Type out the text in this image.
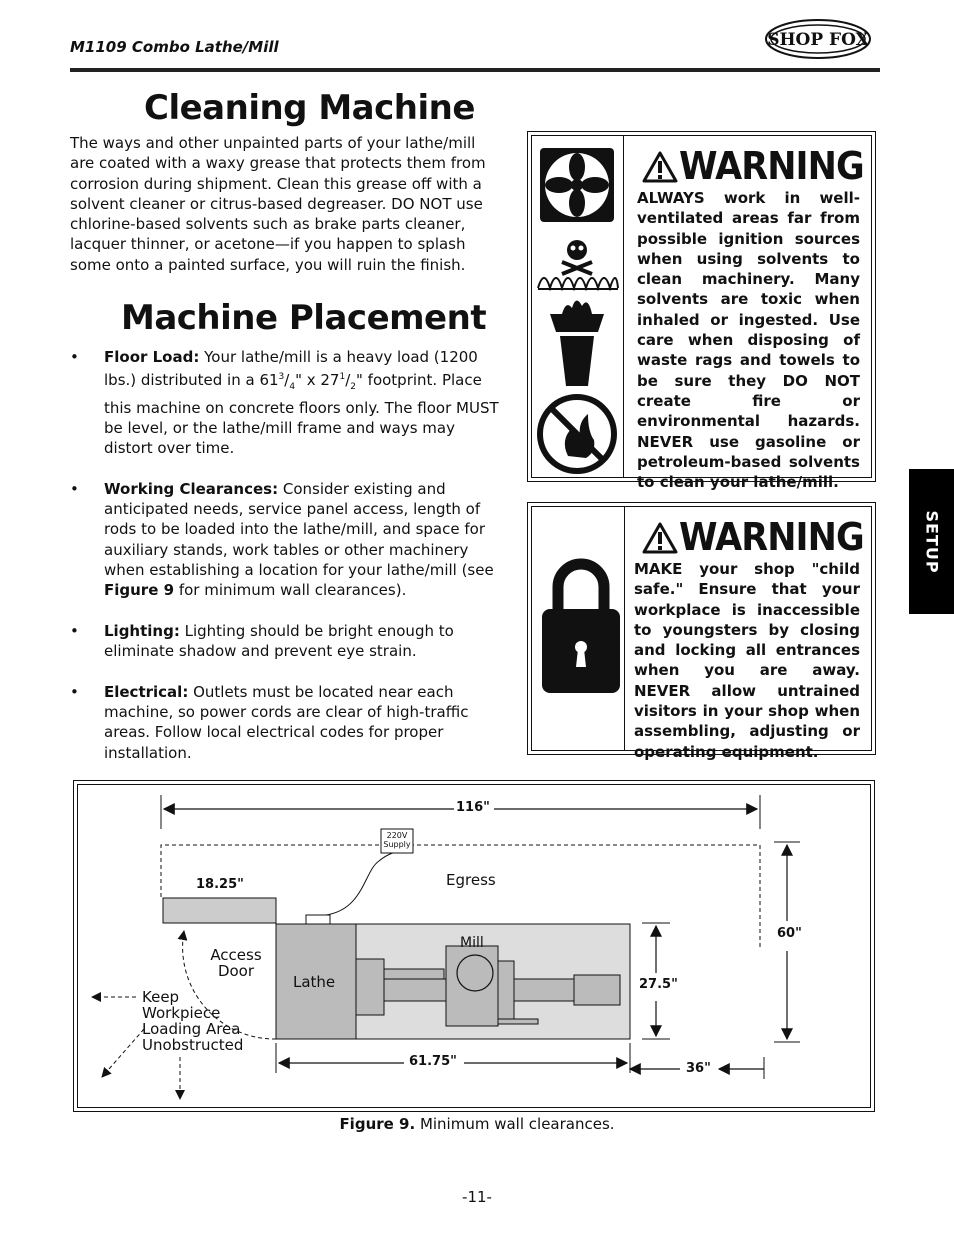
M1109 Combo Lathe/Mill	SHOP FOX
Cleaning Machine

The ways and other unpainted parts of your lathe/mill are coated with a waxy grease that protects them from corrosion during shipment. Clean this grease off with a solvent cleaner or citrus-based degreaser. DO NOT use chlorine-based solvents such as brake parts cleaner, lacquer thinner, or acetone—if you happen to splash some onto a painted surface, you will ruin the finish.

Machine Placement
• Floor Load: Your lathe/mill is a heavy load (1200 lbs.) distributed in a $61^3/_4$" x $27^1/_2$" footprint. Place this machine on concrete floors only. The floor MUST be level, or the lathe/mill frame and ways may distort over time.
• Working Clearances: Consider existing and anticipated needs, service panel access, length of rods to be loaded into the lathe/mill, and space for auxiliary stands, work tables or other machinery when establishing a location for your lathe/mill (see Figure 9 for minimum wall clearances).
• Lighting: Lighting should be bright enough to eliminate shadow and prevent eye strain.
• Electrical: Outlets must be located near each machine, so power cords are clear of high-traffic areas. Follow local electrical codes for proper installation.
WARNING

ALWAYS work in well-ventilated areas far from possible ignition sources when using solvents to clean machinery. Many solvents are toxic when inhaled or ingested. Use care when disposing of waste rags and towels to be sure they DO NOT create fire or environmental hazards. NEVER use gasoline or petroleum-based solvents to clean your lathe/mill.

WARNING

MAKE your shop "child safe." Ensure that your workplace is inaccessible to youngsters by closing and locking all entrances when you are away. NEVER allow untrained visitors in your shop when assembling, adjusting or operating equipment.

SETUP
116"
60"
27.5"
61.75"	36"
18.25"
220V Supply
Egress
Mill
Lathe
Access Door
Keep Workpiece Loading Area Unobstructed
Figure 9. Minimum wall clearances.
-11-
